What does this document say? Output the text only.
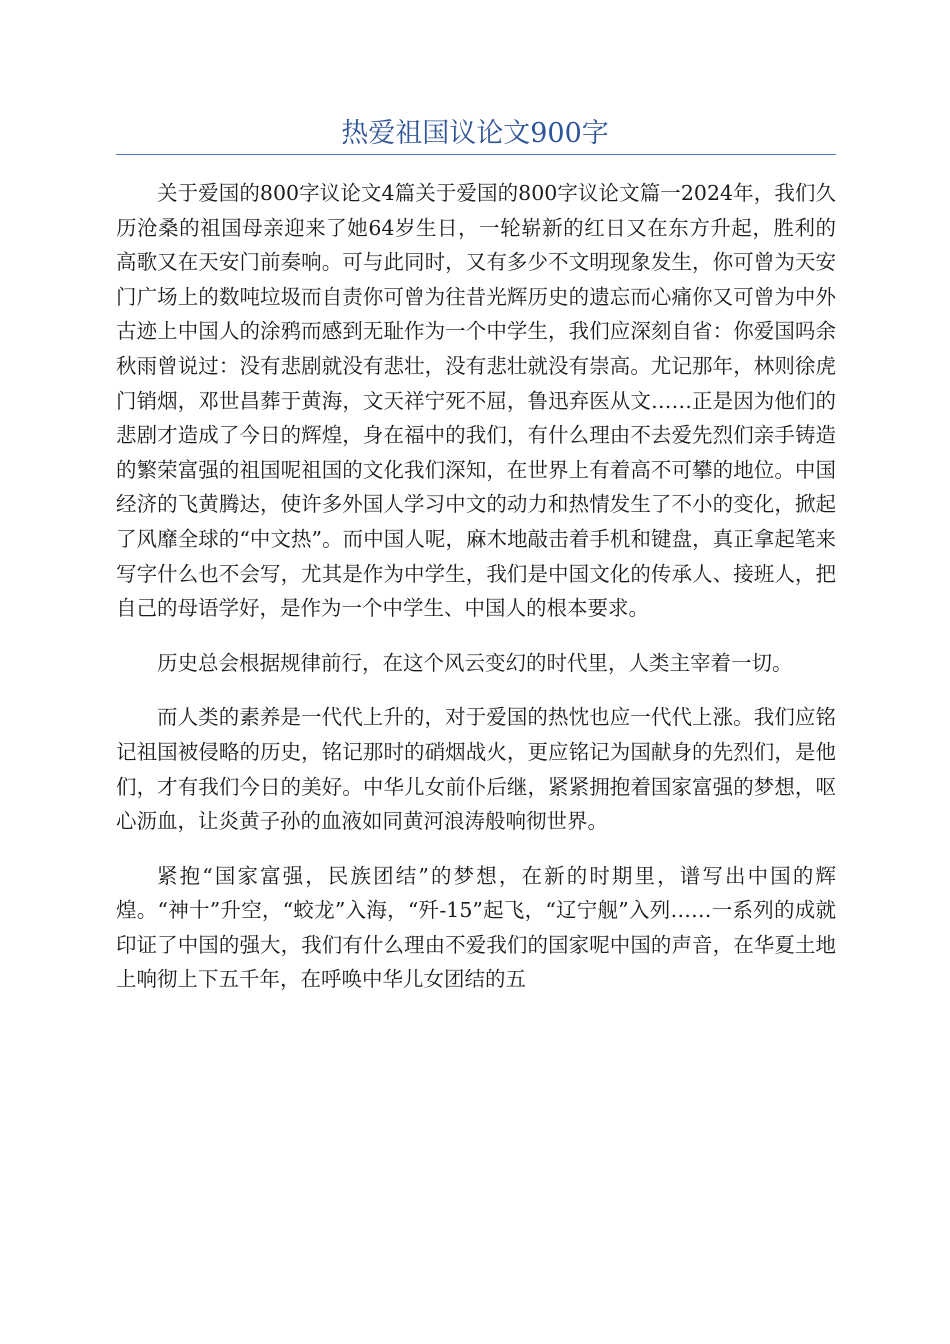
热爱祖国议论文900字

关于爱国的800字议论文4篇关于爱国的800字议论文篇一2024年，我们久历沧桑的祖国母亲迎来了她64岁生日，一轮崭新的红日又在东方升起，胜利的高歌又在天安门前奏响。可与此同时，又有多少不文明现象发生，你可曾为天安门广场上的数吨垃圾而自责你可曾为往昔光辉历史的遗忘而心痛你又可曾为中外古迹上中国人的涂鸦而感到无耻作为一个中学生，我们应深刻自省：你爱国吗余秋雨曾说过：没有悲剧就没有悲壮，没有悲壮就没有崇高。尤记那年，林则徐虎门销烟，邓世昌葬于黄海，文天祥宁死不屈，鲁迅弃医从文……正是因为他们的悲剧才造成了今日的辉煌，身在福中的我们，有什么理由不去爱先烈们亲手铸造的繁荣富强的祖国呢祖国的文化我们深知，在世界上有着高不可攀的地位。中国经济的飞黄腾达，使许多外国人学习中文的动力和热情发生了不小的变化，掀起了风靡全球的“中文热”。而中国人呢，麻木地敲击着手机和键盘，真正拿起笔来写字什么也不会写，尤其是作为中学生，我们是中国文化的传承人、接班人，把自己的母语学好，是作为一个中学生、中国人的根本要求。

历史总会根据规律前行，在这个风云变幻的时代里，人类主宰着一切。

而人类的素养是一代代上升的，对于爱国的热忱也应一代代上涨。我们应铭记祖国被侵略的历史，铭记那时的硝烟战火，更应铭记为国献身的先烈们，是他们，才有我们今日的美好。中华儿女前仆后继，紧紧拥抱着国家富强的梦想，呕心沥血，让炎黄子孙的血液如同黄河浪涛般响彻世界。

紧抱“国家富强，民族团结”的梦想，在新的时期里，谱写出中国的辉煌。“神十”升空，“蛟龙”入海，“歼-15”起飞，“辽宁舰”入列……一系列的成就印证了中国的强大，我们有什么理由不爱我们的国家呢中国的声音，在华夏土地上响彻上下五千年，在呼唤中华儿女团结的五
